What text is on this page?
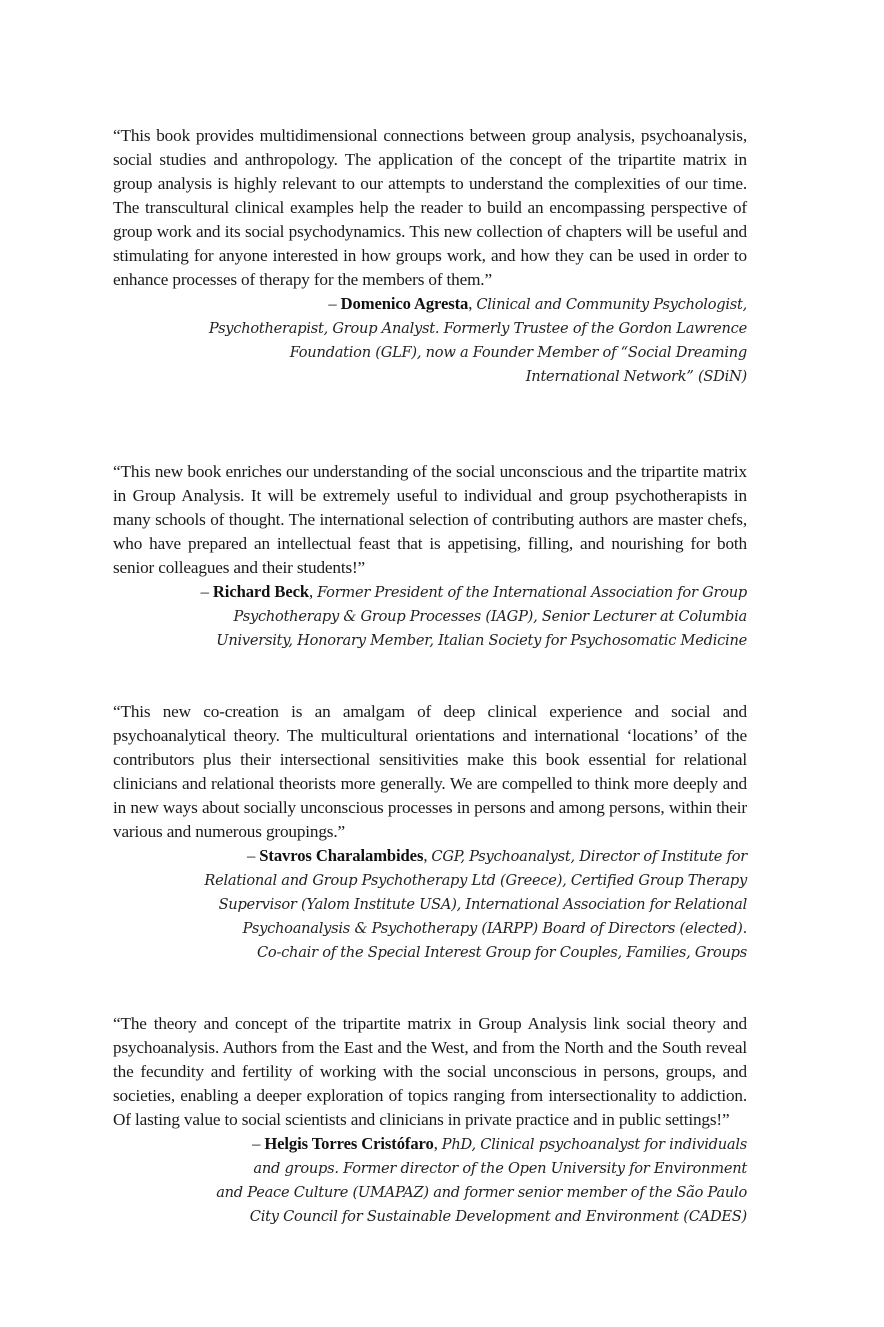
“This book provides multidimensional connections between group analysis, psychoanalysis, social studies and anthropology. The application of the concept of the tripartite matrix in group analysis is highly relevant to our attempts to understand the complexities of our time. The transcultural clinical examples help the reader to build an encompassing perspective of group work and its social psychodynamics. This new collection of chapters will be useful and stimulating for anyone interested in how groups work, and how they can be used in order to enhance processes of therapy for the members of them.”

– Domenico Agresta, Clinical and Community Psychologist,
Psychotherapist, Group Analyst. Formerly Trustee of the Gordon Lawrence
Foundation (GLF), now a Founder Member of “Social Dreaming
International Network” (SDiN)

“This new book enriches our understanding of the social unconscious and the tripartite matrix in Group Analysis. It will be extremely useful to individual and group psychotherapists in many schools of thought. The international selection of contributing authors are master chefs, who have prepared an intellectual feast that is appetising, filling, and nourishing for both senior colleagues and their students!”

– Richard Beck, Former President of the International Association for Group
Psychotherapy & Group Processes (IAGP), Senior Lecturer at Columbia
University, Honorary Member, Italian Society for Psychosomatic Medicine

“This new co-creation is an amalgam of deep clinical experience and social and psychoanalytical theory. The multicultural orientations and international ‘locations’ of the contributors plus their intersectional sensitivities make this book essential for relational clinicians and relational theorists more generally. We are compelled to think more deeply and in new ways about socially unconscious processes in persons and among persons, within their various and numerous groupings.”

– Stavros Charalambides, CGP, Psychoanalyst, Director of Institute for
Relational and Group Psychotherapy Ltd (Greece), Certified Group Therapy
Supervisor (Yalom Institute USA), International Association for Relational
Psychoanalysis & Psychotherapy (IARPP) Board of Directors (elected).
Co-chair of the Special Interest Group for Couples, Families, Groups

“The theory and concept of the tripartite matrix in Group Analysis link social theory and psychoanalysis. Authors from the East and the West, and from the North and the South reveal the fecundity and fertility of working with the social unconscious in persons, groups, and societies, enabling a deeper exploration of topics ranging from intersectionality to addiction. Of lasting value to social scientists and clinicians in private practice and in public settings!”

– Helgis Torres Cristófaro, PhD, Clinical psychoanalyst for individuals
and groups. Former director of the Open University for Environment
and Peace Culture (UMAPAZ) and former senior member of the São Paulo
City Council for Sustainable Development and Environment (CADES)
